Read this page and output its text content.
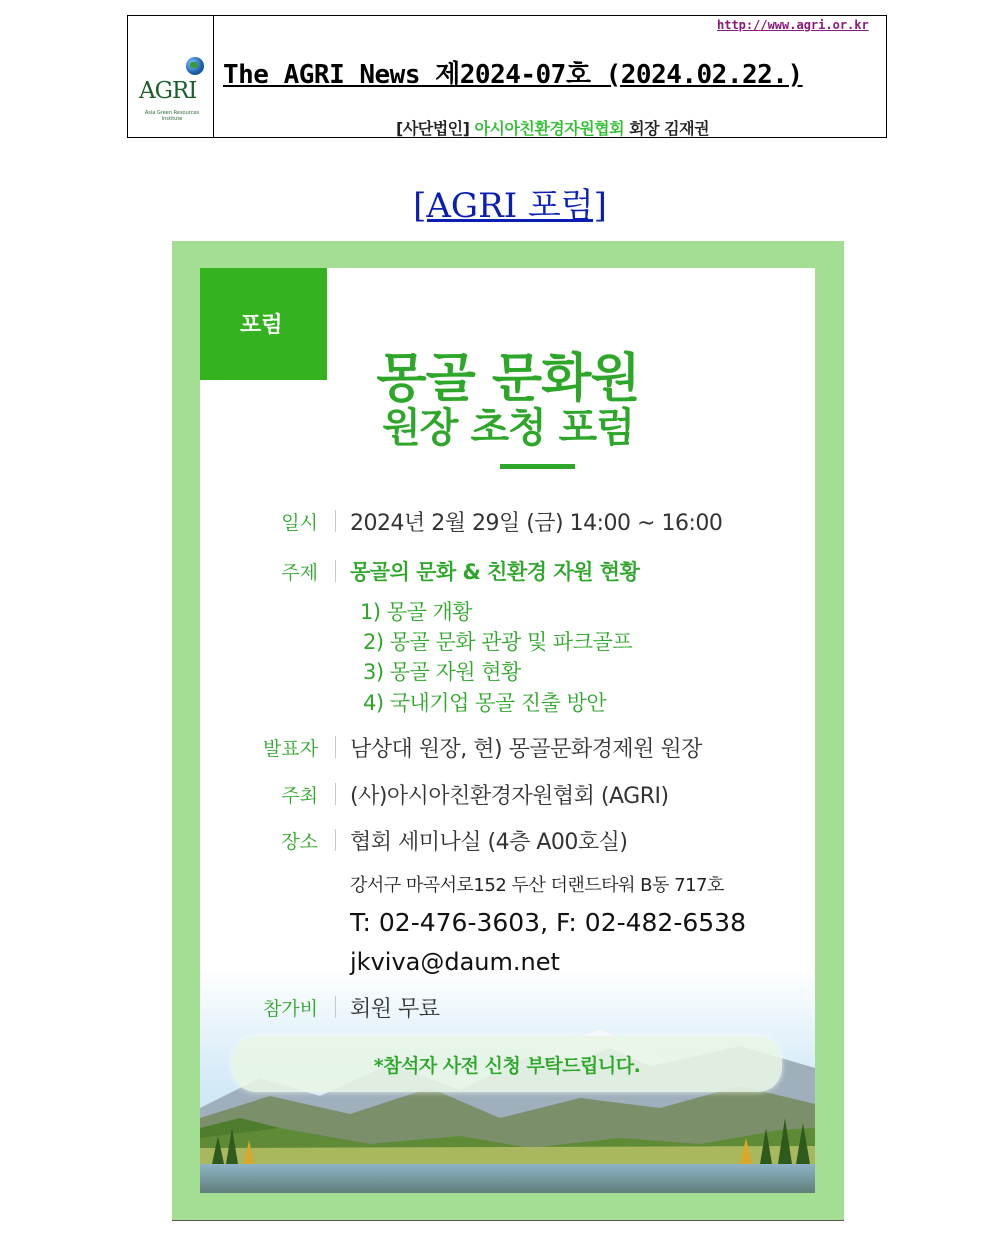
AGRI
Asia Green Resources Institute
http://www.agri.or.kr
The AGRI News 제2024-07호 (2024.02.22.)
[사단법인] 아시아친환경자원협회 회장 김재권
[AGRI 포럼]
포럼
몽골 문화원
원장 초청 포럼
일시 2024년 2월 29일 (금) 14:00 ~ 16:00
주제 몽골의 문화 & 친환경 자원 현황
1) 몽골 개황
2) 몽골 문화 관광 및 파크골프
3) 몽골 자원 현황
4) 국내기업 몽골 진출 방안
발표자 남상대 원장, 현) 몽골문화경제원 원장
주최 (사)아시아친환경자원협회 (AGRI)
장소 협회 세미나실 (4층 A00호실)
강서구 마곡서로152 두산 더랜드타워 B동 717호
T: 02-476-3603, F: 02-482-6538
jkviva@daum.net
참가비 회원 무료
*참석자 사전 신청 부탁드립니다.
